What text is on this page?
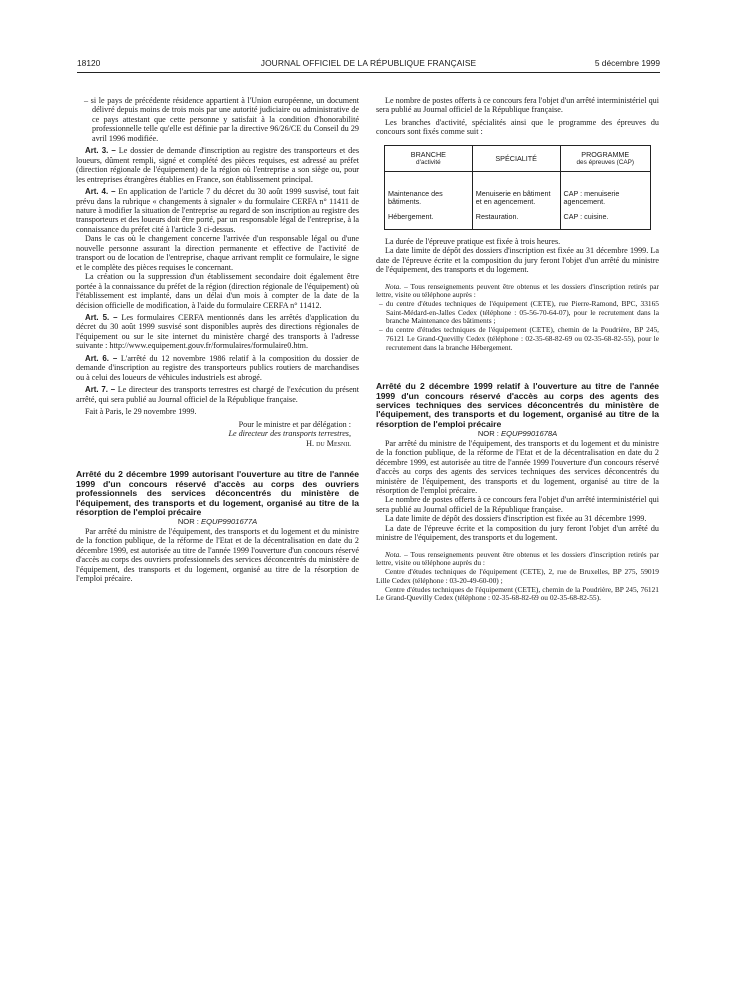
18120	JOURNAL OFFICIEL DE LA RÉPUBLIQUE FRANÇAISE	5 décembre 1999

– si le pays de précédente résidence appartient à l'Union européenne, un document délivré depuis moins de trois mois par une autorité judiciaire ou administrative de ce pays attestant que cette personne y satisfait à la condition d'honorabilité professionnelle telle qu'elle est définie par la directive 96/26/CE du Conseil du 29 avril 1996 modifiée.

Art. 3. – Le dossier de demande d'inscription au registre des transporteurs et des loueurs, dûment rempli, signé et complété des pièces requises, est adressé au préfet (direction régionale de l'équipement) de la région où l'entreprise a son siège ou, pour les entreprises étrangères établies en France, son établissement principal.

Art. 4. – En application de l'article 7 du décret du 30 août 1999 susvisé, tout fait prévu dans la rubrique « changements à signaler » du formulaire CERFA n° 11411 de nature à modifier la situation de l'entreprise au regard de son inscription au registre des transporteurs et des loueurs doit être porté, par un responsable légal de l'entreprise, à la connaissance du préfet cité à l'article 3 ci-dessus.

Dans le cas où le changement concerne l'arrivée d'un responsable légal ou d'une nouvelle personne assurant la direction permanente et effective de l'activité de transport ou de location de l'entreprise, chaque arrivant remplit ce formulaire, le signe et le complète des pièces requises le concernant.

La création ou la suppression d'un établissement secondaire doit également être portée à la connaissance du préfet de la région (direction régionale de l'équipement) où l'établissement est implanté, dans un délai d'un mois à compter de la date de la décision officielle de modification, à l'aide du formulaire CERFA n° 11412.

Art. 5. – Les formulaires CERFA mentionnés dans les arrêtés d'application du décret du 30 août 1999 susvisé sont disponibles auprès des directions régionales de l'équipement ou sur le site internet du ministère chargé des transports à l'adresse suivante : http://www.equipement.gouv.fr/formulaires/formulaire0.htm.

Art. 6. – L'arrêté du 12 novembre 1986 relatif à la composition du dossier de demande d'inscription au registre des transporteurs publics routiers de marchandises ou à celui des loueurs de véhicules industriels est abrogé.

Art. 7. – Le directeur des transports terrestres est chargé de l'exécution du présent arrêté, qui sera publié au Journal officiel de la République française.

Fait à Paris, le 29 novembre 1999.

Pour le ministre et par délégation :
Le directeur des transports terrestres,
H. du Mesnil

Arrêté du 2 décembre 1999 autorisant l'ouverture au titre de l'année 1999 d'un concours réservé d'accès au corps des ouvriers professionnels des services déconcentrés du ministère de l'équipement, des transports et du logement, organisé au titre de la résorption de l'emploi précaire

NOR : EQUP9901677A

Par arrêté du ministre de l'équipement, des transports et du logement et du ministre de la fonction publique, de la réforme de l'Etat et de la décentralisation en date du 2 décembre 1999, est autorisée au titre de l'année 1999 l'ouverture d'un concours réservé d'accès au corps des ouvriers professionnels des services déconcentrés du ministère de l'équipement, des transports et du logement, organisé au titre de la résorption de l'emploi précaire.

Le nombre de postes offerts à ce concours fera l'objet d'un arrêté interministériel qui sera publié au Journal officiel de la République française.

Les branches d'activité, spécialités ainsi que le programme des épreuves du concours sont fixés comme suit :

BRANCHE
d'activité	SPÉCIALITÉ	PROGRAMME
des épreuves (CAP)

Maintenance des bâtiments.	Menuiserie en bâtiment et en agencement.	CAP : menuiserie agencement.
Hébergement.	Restauration.	CAP : cuisine.

La durée de l'épreuve pratique est fixée à trois heures.

La date limite de dépôt des dossiers d'inscription est fixée au 31 décembre 1999. La date de l'épreuve écrite et la composition du jury feront l'objet d'un arrêté du ministre de l'équipement, des transports et du logement.

Nota. – Tous renseignements peuvent être obtenus et les dossiers d'inscription retirés par lettre, visite ou téléphone auprès :

– du centre d'études techniques de l'équipement (CETE), rue Pierre-Ramond, BPC, 33165 Saint-Médard-en-Jalles Cedex (téléphone : 05-56-70-64-07), pour le recrutement dans la branche Maintenance des bâtiments ;

– du centre d'études techniques de l'équipement (CETE), chemin de la Poudrière, BP 245, 76121 Le Grand-Quevilly Cedex (téléphone : 02-35-68-82-69 ou 02-35-68-82-55), pour le recrutement dans la branche Hébergement.

Arrêté du 2 décembre 1999 relatif à l'ouverture au titre de l'année 1999 d'un concours réservé d'accès au corps des agents des services techniques des services déconcentrés du ministère de l'équipement, des transports et du logement, organisé au titre de la résorption de l'emploi précaire

NOR : EQUP9901678A

Par arrêté du ministre de l'équipement, des transports et du logement et du ministre de la fonction publique, de la réforme de l'Etat et de la décentralisation en date du 2 décembre 1999, est autorisée au titre de l'année 1999 l'ouverture d'un concours réservé d'accès au corps des agents des services techniques des services déconcentrés du ministère de l'équipement, des transports et du logement, organisé au titre de la résorption de l'emploi précaire.

Le nombre de postes offerts à ce concours fera l'objet d'un arrêté interministériel qui sera publié au Journal officiel de la République française.

La date limite de dépôt des dossiers d'inscription est fixée au 31 décembre 1999.

La date de l'épreuve écrite et la composition du jury feront l'objet d'un arrêté du ministre de l'équipement, des transports et du logement.

Nota. – Tous renseignements peuvent être obtenus et les dossiers d'inscription retirés par lettre, visite ou téléphone auprès du :

Centre d'études techniques de l'équipement (CETE), 2, rue de Bruxelles, BP 275, 59019 Lille Cedex (téléphone : 03-20-49-60-00) ;

Centre d'études techniques de l'équipement (CETE), chemin de la Poudrière, BP 245, 76121 Le Grand-Quevilly Cedex (téléphone : 02-35-68-82-69 ou 02-35-68-82-55).
